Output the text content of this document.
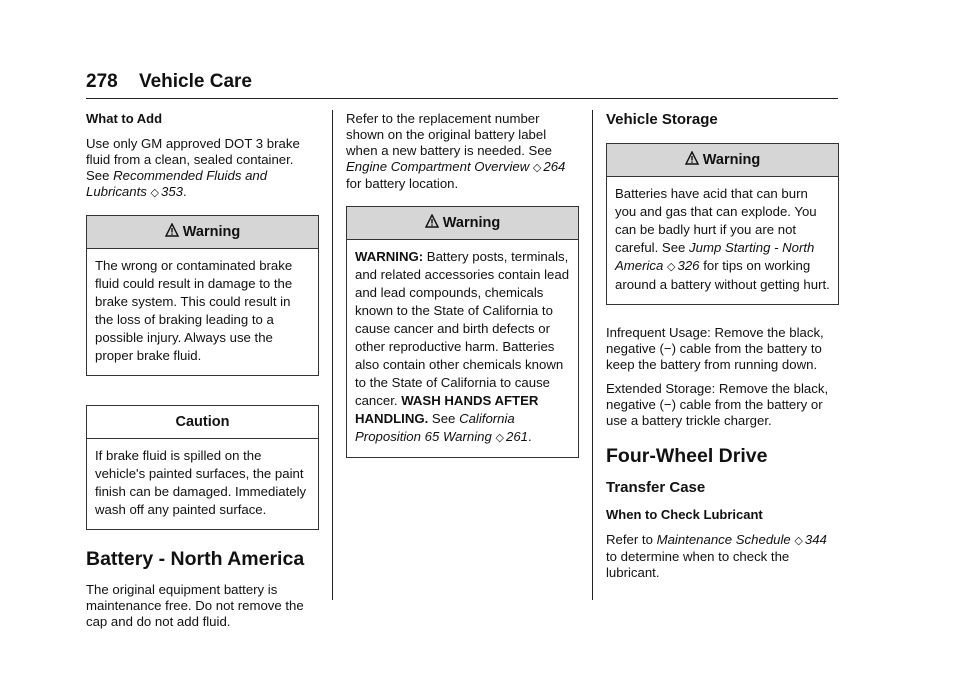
278 Vehicle Care
What to Add

Use only GM approved DOT 3 brake fluid from a clean, sealed container. See Recommended Fluids and Lubricants ◇ 353.

Warning
The wrong or contaminated brake fluid could result in damage to the brake system. This could result in the loss of braking leading to a possible injury. Always use the proper brake fluid.
Caution
If brake fluid is spilled on the vehicle's painted surfaces, the paint finish can be damaged. Immediately wash off any painted surface.
Battery - North America

The original equipment battery is maintenance free. Do not remove the cap and do not add fluid.

Refer to the replacement number shown on the original battery label when a new battery is needed. See Engine Compartment Overview ◇ 264 for battery location.

Warning
WARNING: Battery posts, terminals, and related accessories contain lead and lead compounds, chemicals known to the State of California to cause cancer and birth defects or other reproductive harm. Batteries also contain other chemicals known to the State of California to cause cancer. WASH HANDS AFTER HANDLING. See California Proposition 65 Warning ◇ 261.
Vehicle Storage
Warning
Batteries have acid that can burn you and gas that can explode. You can be badly hurt if you are not careful. See Jump Starting - North America ◇ 326 for tips on working around a battery without getting hurt.

Infrequent Usage: Remove the black, negative (−) cable from the battery to keep the battery from running down.

Extended Storage: Remove the black, negative (−) cable from the battery or use a battery trickle charger.

Four-Wheel Drive
Transfer Case
When to Check Lubricant

Refer to Maintenance Schedule ◇ 344 to determine when to check the lubricant.
